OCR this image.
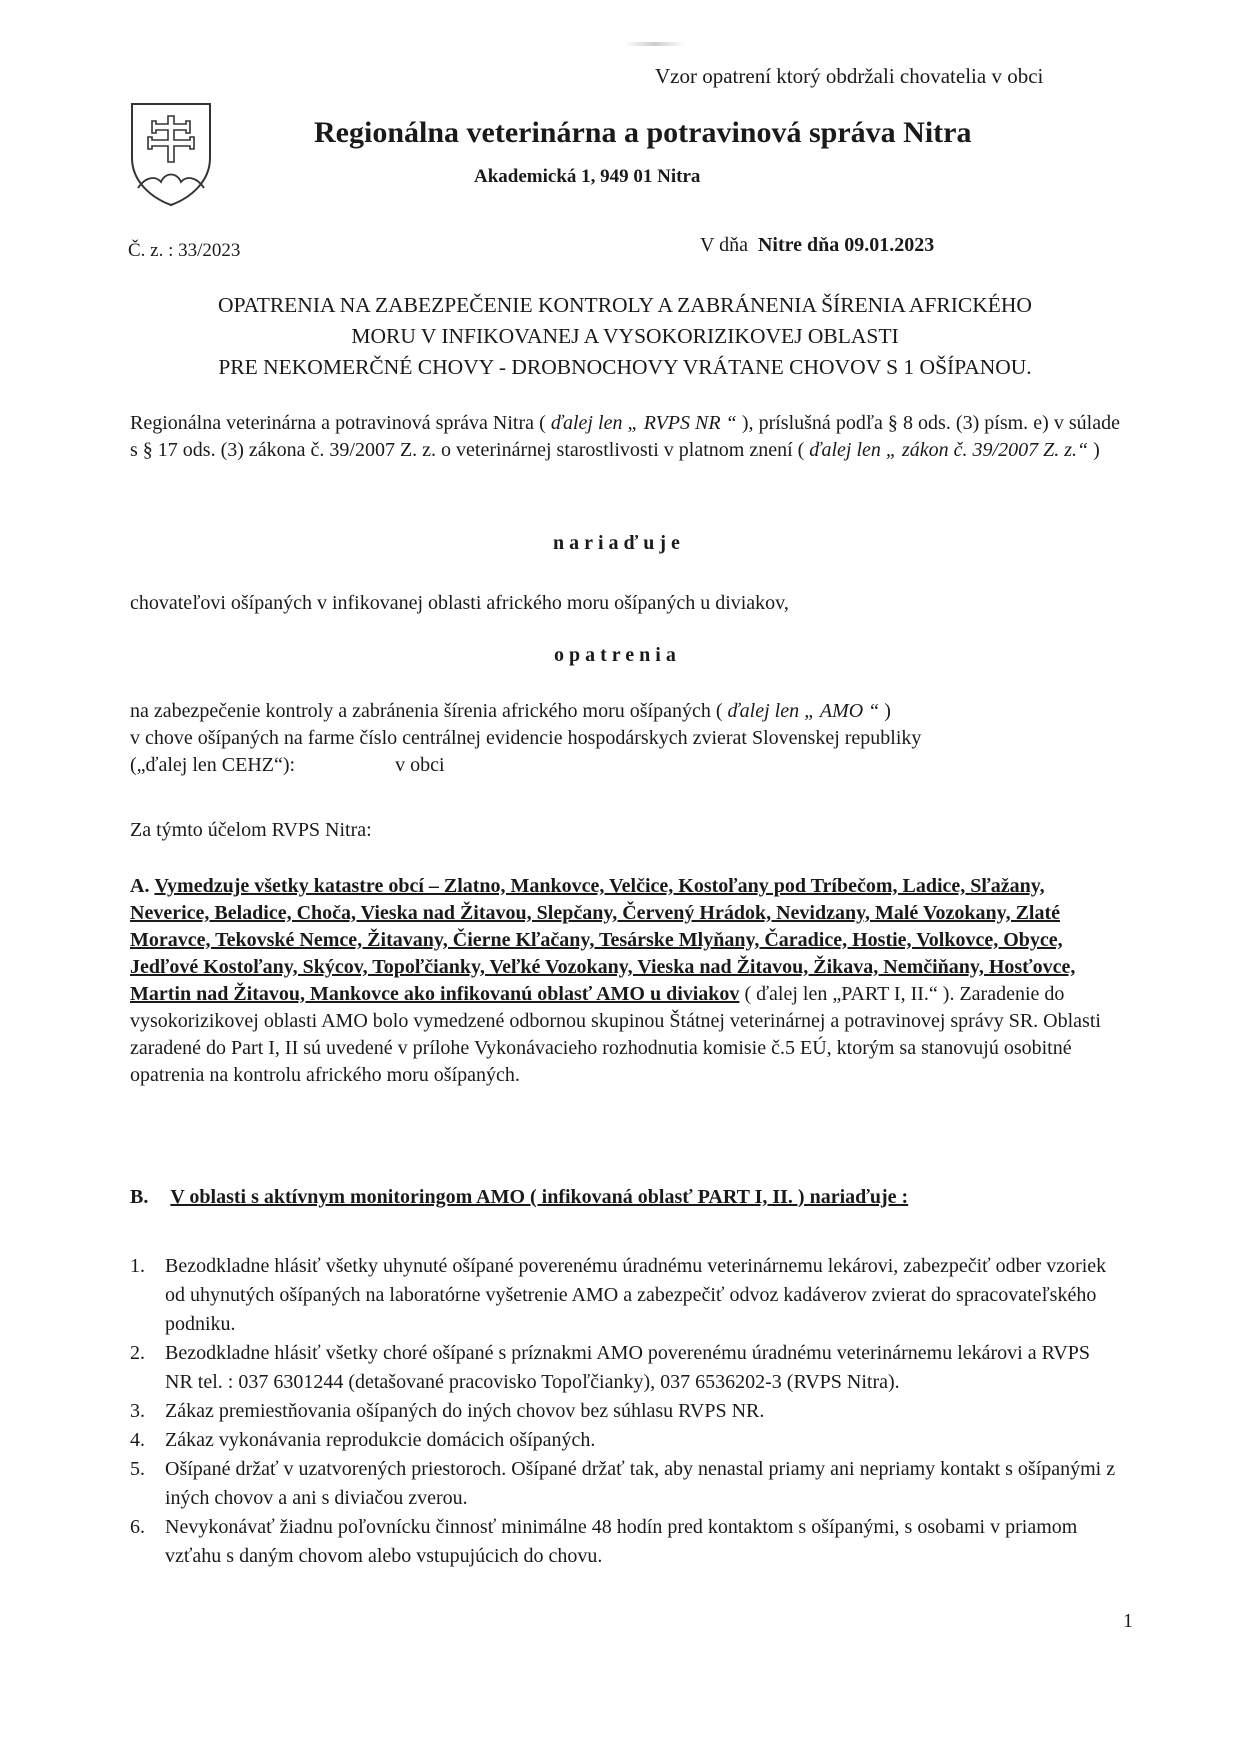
Vzor opatrení ktorý obdržali chovatelia v obci
Regionálna veterinárna a potravinová správa Nitra
Akademická 1, 949 01 Nitra
Č. z. : 33/2023	V dňa Nitre dňa 09.01.2023
OPATRENIA NA ZABEZPEČENIE KONTROLY A ZABRÁNENIA ŠÍRENIA AFRICKÉHO
MORU V INFIKOVANEJ A VYSOKORIZIKOVEJ OBLASTI
PRE NEKOMERČNÉ CHOVY - DROBNOCHOVY VRÁTANE CHOVOV S 1 OŠÍPANOU.
Regionálna veterinárna a potravinová správa Nitra ( ďalej len „ RVPS NR “ ), príslušná podľa § 8 ods. (3) písm. e) v súlade s § 17 ods. (3) zákona č. 39/2007 Z. z. o veterinárnej starostlivosti v platnom znení ( ďalej len „ zákon č. 39/2007 Z. z.“ )
nariaďuje
chovateľovi ošípaných v infikovanej oblasti afrického moru ošípaných u diviakov,
opatrenia
na zabezpečenie kontroly a zabránenia šírenia afrického moru ošípaných ( ďalej len „ AMO “ )
v chove ošípaných na farme číslo centrálnej evidencie hospodárskych zvierat Slovenskej republiky
(„ďalej len CEHZ“):	v obci
Za týmto účelom RVPS Nitra:
A. Vymedzuje všetky katastre obcí – Zlatno, Mankovce, Velčice, Kostoľany pod Tríbečom, Ladice, Sľažany, Neverice, Beladice, Choča, Vieska nad Žitavou, Slepčany, Červený Hrádok, Nevidzany, Malé Vozokany, Zlaté Moravce, Tekovské Nemce, Žitavany, Čierne Kľačany, Tesárske Mlyňany, Čaradice, Hostie, Volkovce, Obyce, Jedľové Kostoľany, Skýcov, Topoľčianky, Veľké Vozokany, Vieska nad Žitavou, Žikava, Nemčiňany, Hosťovce, Martin nad Žitavou, Mankovce ako infikovanú oblasť AMO u diviakov ( ďalej len „PART I, II.“ ). Zaradenie do vysokorizikovej oblasti AMO bolo vymedzené odbornou skupinou Štátnej veterinárnej a potravinovej správy SR. Oblasti zaradené do Part I, II sú uvedené v prílohe Vykonávacieho rozhodnutia komisie č.5 EÚ, ktorým sa stanovujú osobitné opatrenia na kontrolu afrického moru ošípaných.
B. V oblasti s aktívnym monitoringom AMO ( infikovaná oblasť PART I, II. ) nariaďuje :
1.	Bezodkladne hlásiť všetky uhynuté ošípané poverenému úradnému veterinárnemu lekárovi, zabezpečiť odber vzoriek od uhynutých ošípaných na laboratórne vyšetrenie AMO a zabezpečiť odvoz kadáverov zvierat do spracovateľského podniku.
2.	Bezodkladne hlásiť všetky choré ošípané s príznakmi AMO poverenému úradnému veterinárnemu lekárovi a RVPS NR tel. : 037 6301244 (detašované pracovisko Topoľčianky), 037 6536202-3 (RVPS Nitra).
3.	Zákaz premiestňovania ošípaných do iných chovov bez súhlasu RVPS NR.
4.	Zákaz vykonávania reprodukcie domácich ošípaných.
5.	Ošípané držať v uzatvorených priestoroch. Ošípané držať tak, aby nenastal priamy ani nepriamy kontakt s ošípanými z iných chovov a ani s diviačou zverou.
6.	Nevykonávať žiadnu poľovnícku činnosť minimálne 48 hodín pred kontaktom s ošípanými, s osobami v priamom vzťahu s daným chovom alebo vstupujúcich do chovu.
1
